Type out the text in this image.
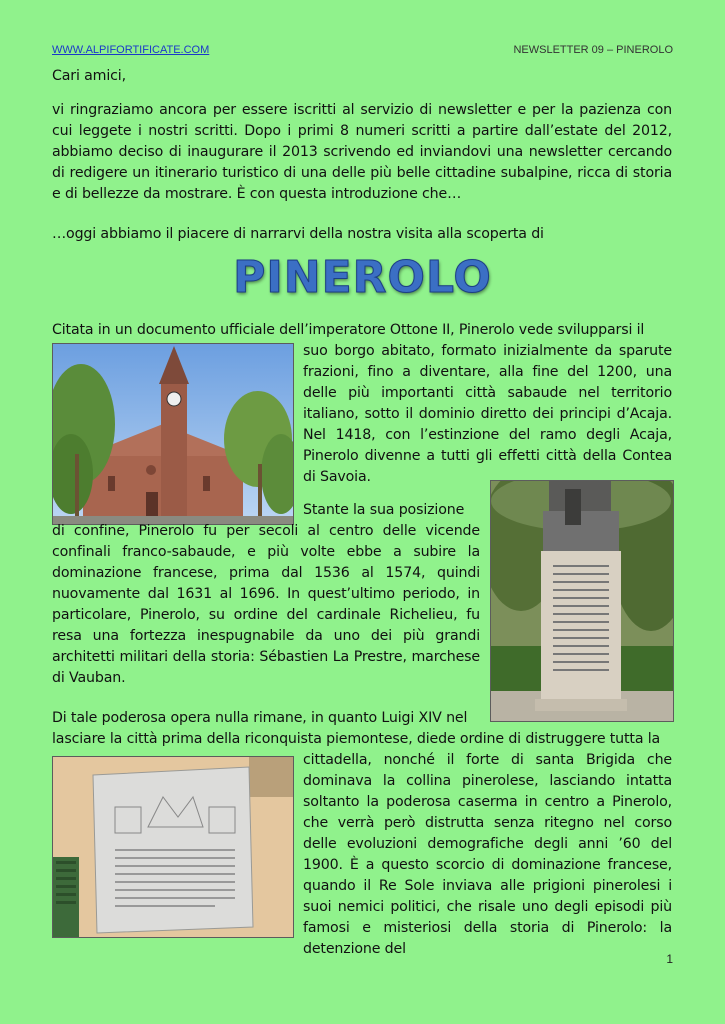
WWW.ALPIFORTIFICATE.COM	NEWSLETTER 09 – PINEROLO
Cari amici,
vi ringraziamo ancora per essere iscritti al servizio di newsletter e per la pazienza con cui leggete i nostri scritti. Dopo i primi 8 numeri scritti a partire dall’estate del 2012, abbiamo deciso di inaugurare il 2013 scrivendo ed inviandovi una newsletter cercando di redigere un itinerario turistico di una delle più belle cittadine subalpine, ricca di storia e di bellezze da mostrare. È con questa introduzione che…
…oggi abbiamo il piacere di narrarvi della nostra visita alla scoperta di
PINEROLO
Citata in un documento ufficiale dell’imperatore Ottone II, Pinerolo vede svilupparsi il
suo borgo abitato, formato inizialmente da sparute frazioni, fino a diventare, alla fine del 1200, una delle più importanti città sabaude nel territorio italiano, sotto il dominio diretto dei principi d’Acaja. Nel 1418, con l’estinzione del ramo degli Acaja, Pinerolo divenne a tutti gli effetti città della Contea di Savoia.
Stante la sua posizione
di confine, Pinerolo fu per secoli al centro delle vicende confinali franco-sabaude, e più volte ebbe a subire la dominazione francese, prima dal 1536 al 1574, quindi nuovamente dal 1631 al 1696. In quest’ultimo periodo, in particolare, Pinerolo, su ordine del cardinale Richelieu, fu resa una fortezza inespugnabile da uno dei più grandi architetti militari della storia: Sébastien La Prestre, marchese di Vauban.
Di tale poderosa opera nulla rimane, in quanto Luigi XIV nel
lasciare la città prima della riconquista piemontese, diede ordine di distruggere tutta la
cittadella, nonché il forte di santa Brigida che dominava la collina pinerolese, lasciando intatta soltanto la poderosa caserma in centro a Pinerolo, che verrà però distrutta senza ritegno nel corso delle evoluzioni demografiche degli anni ’60 del 1900. È a questo scorcio di dominazione francese, quando il Re Sole inviava alle prigioni pinerolesi i suoi nemici politici, che risale uno degli episodi più famosi e misteriosi della storia di Pinerolo: la detenzione del
1
